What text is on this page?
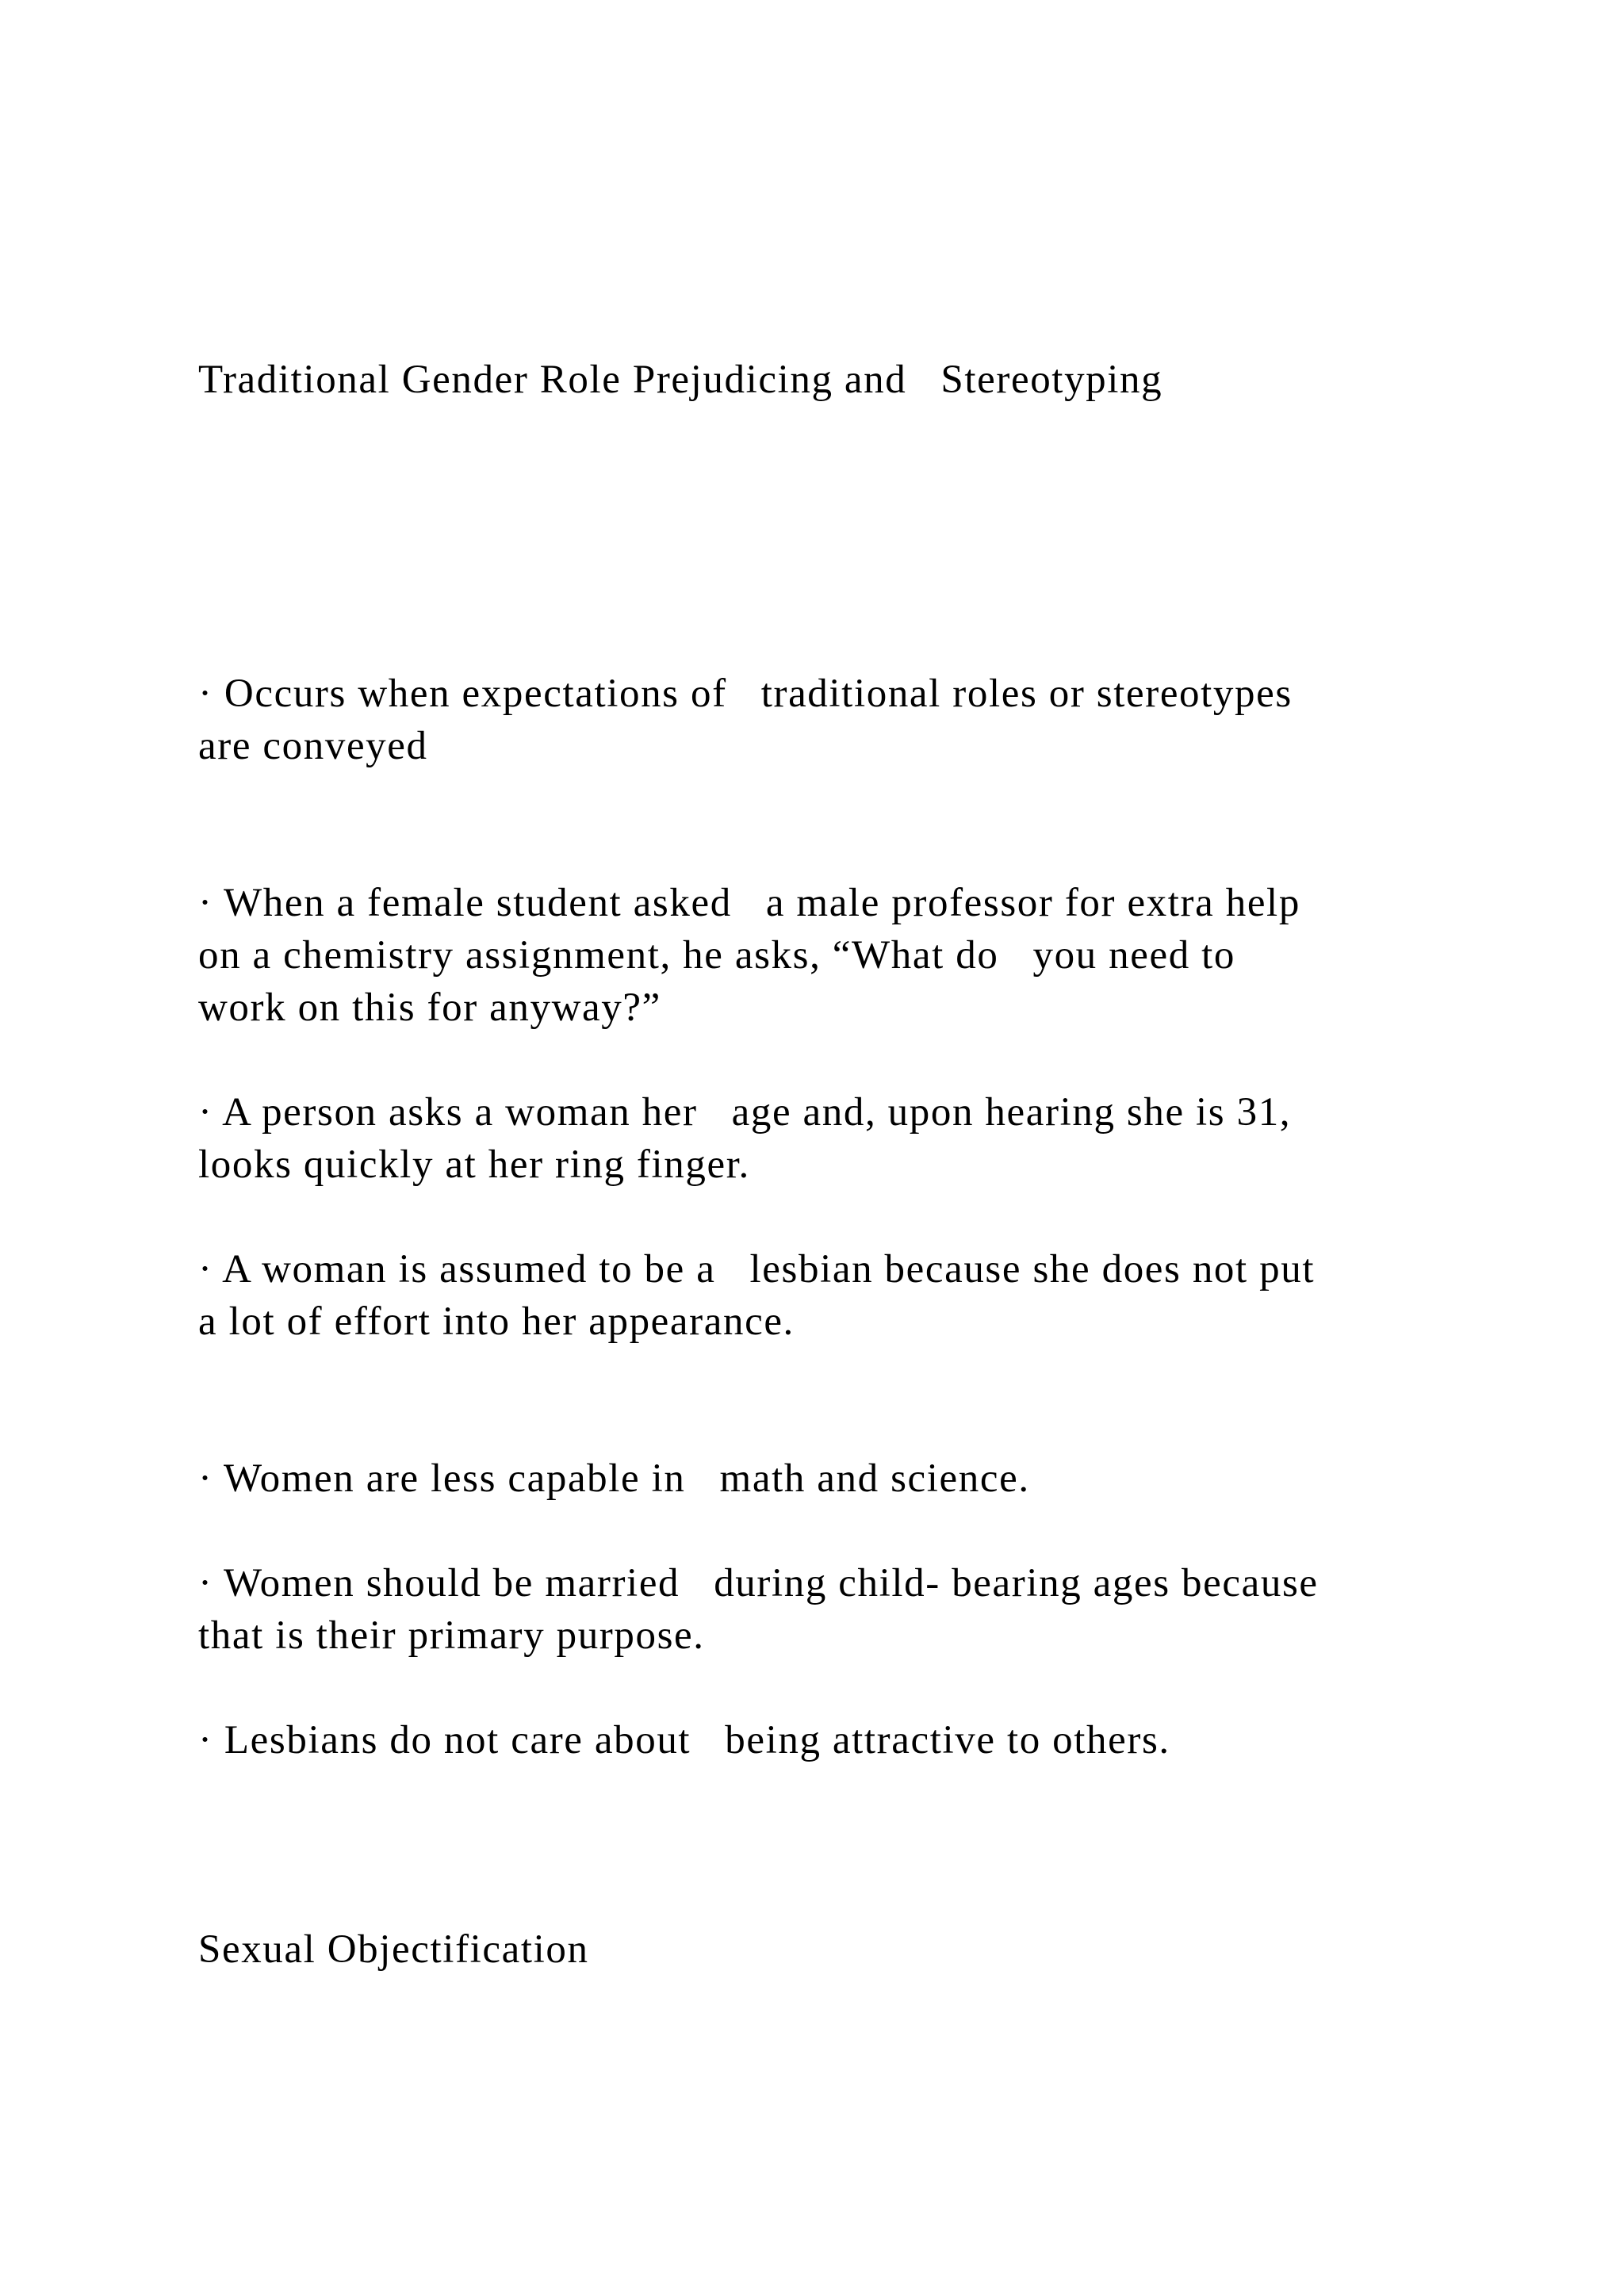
Traditional Gender Role Prejudicing and   Stereotyping

· Occurs when expectations of   traditional roles or stereotypes
are conveyed

· When a female student asked   a male professor for extra help
on a chemistry assignment, he asks, “What do   you need to
work on this for anyway?”

· A person asks a woman her   age and, upon hearing she is 31,
looks quickly at her ring finger.

· A woman is assumed to be a   lesbian because she does not put
a lot of effort into her appearance.

· Women are less capable in   math and science.

· Women should be married   during child- bearing ages because
that is their primary purpose.

· Lesbians do not care about   being attractive to others.

Sexual Objectification
